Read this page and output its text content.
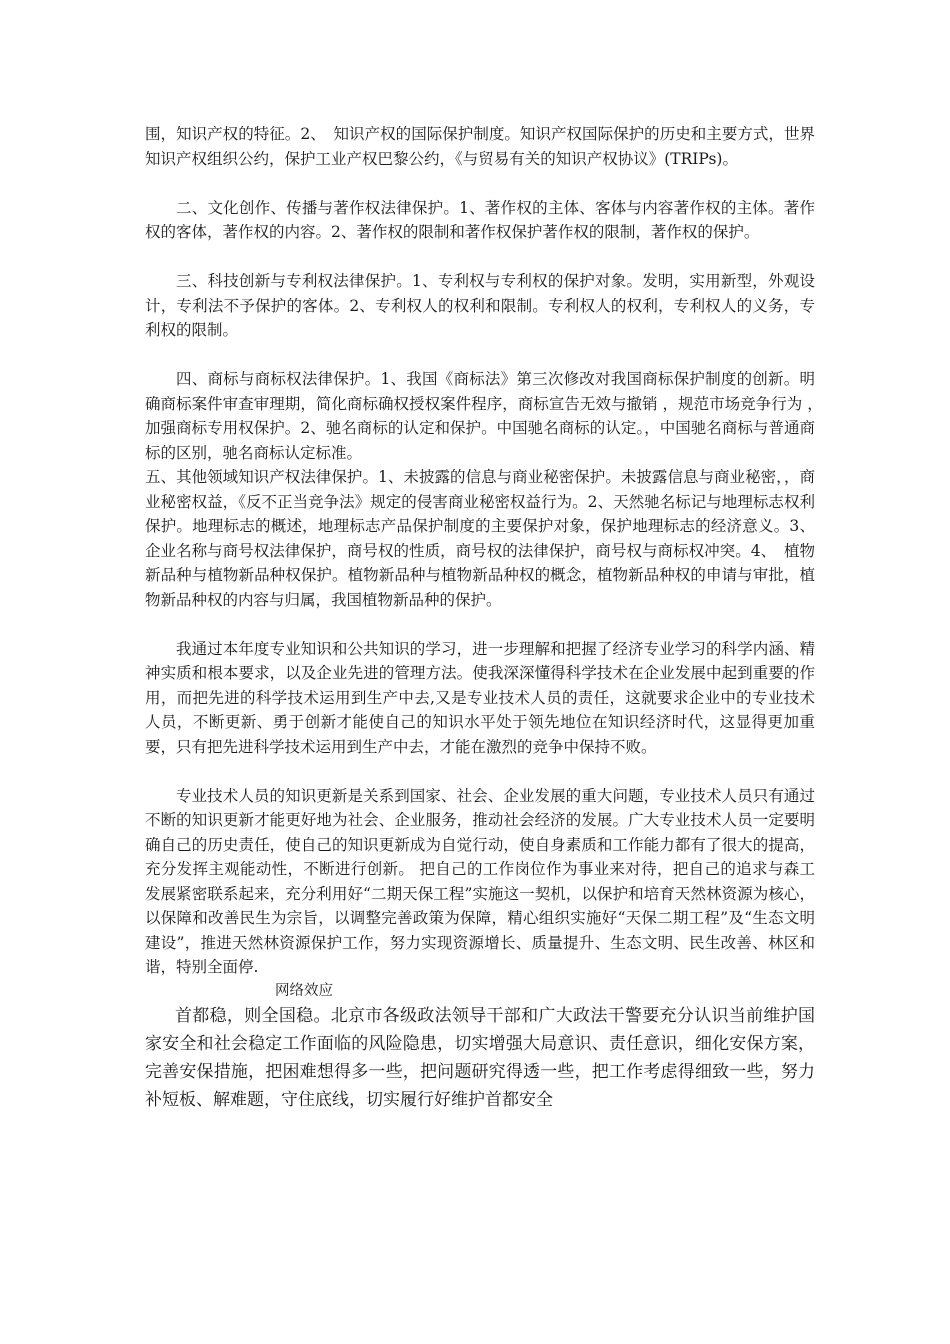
围，知识产权的特征。2、　知识产权的国际保护制度。知识产权国际保护的历史和主要方式，世界知识产权组织公约，保护工业产权巴黎公约，《与贸易有关的知识产权协议》(TRIPs)。

二、文化创作、传播与著作权法律保护。1、著作权的主体、客体与内容著作权的主体。著作权的客体，著作权的内容。2、著作权的限制和著作权保护著作权的限制，著作权的保护。

三、科技创新与专利权法律保护。1、专利权与专利权的保护对象。发明，实用新型，外观设计，专利法不予保护的客体。2、专利权人的权利和限制。专利权人的权利，专利权人的义务，专利权的限制。

四、商标与商标权法律保护。1、我国《商标法》第三次修改对我国商标保护制度的创新。明确商标案件审查审理期，简化商标确权授权案件程序，商标宣告无效与撤销 ，规范市场竞争行为 ，　加强商标专用权保护。2、驰名商标的认定和保护。中国驰名商标的认定。，中国驰名商标与普通商标的区别，驰名商标认定标准。

五、其他领域知识产权法律保护。1、未披露的信息与商业秘密保护。未披露信息与商业秘密，，商业秘密权益，《反不正当竞争法》规定的侵害商业秘密权益行为。2、天然驰名标记与地理标志权利保护。地理标志的概述，地理标志产品保护制度的主要保护对象，保护地理标志的经济意义。3、企业名称与商号权法律保护，商号权的性质，商号权的法律保护，商号权与商标权冲突。4、　植物新品种与植物新品种权保护。植物新品种与植物新品种权的概念，植物新品种权的申请与审批，植物新品种权的内容与归属，我国植物新品种的保护。

我通过本年度专业知识和公共知识的学习，进一步理解和把握了经济专业学习的科学内涵、精神实质和根本要求，以及企业先进的管理方法。使我深深懂得科学技术在企业发展中起到重要的作用，而把先进的科学技术运用到生产中去,又是专业技术人员的责任，这就要求企业中的专业技术人员，不断更新、勇于创新才能使自己的知识水平处于领先地位在知识经济时代，这显得更加重要，只有把先进科学技术运用到生产中去，才能在激烈的竞争中保持不败。

专业技术人员的知识更新是关系到国家、社会、企业发展的重大问题，专业技术人员只有通过不断的知识更新才能更好地为社会、企业服务，推动社会经济的发展。广大专业技术人员一定要明确自己的历史责任，使自己的知识更新成为自觉行动，使自身素质和工作能力都有了很大的提高，充分发挥主观能动性，不断进行创新。 把自己的工作岗位作为事业来对待，把自己的追求与森工发展紧密联系起来，充分利用好“二期天保工程”实施这一契机，以保护和培育天然林资源为核心，以保障和改善民生为宗旨，以调整完善政策为保障，精心组织实施好“天保二期工程”及“生态文明建设”，推进天然林资源保护工作，努力实现资源增长、质量提升、生态文明、民生改善、林区和谐，特别全面停.

网络效应

首都稳，则全国稳。北京市各级政法领导干部和广大政法干警要充分认识当前维护国家安全和社会稳定工作面临的风险隐患，切实增强大局意识、责任意识，细化安保方案，完善安保措施，把困难想得多一些，把问题研究得透一些，把工作考虑得细致一些，努力补短板、解难题，守住底线，切实履行好维护首都安全
